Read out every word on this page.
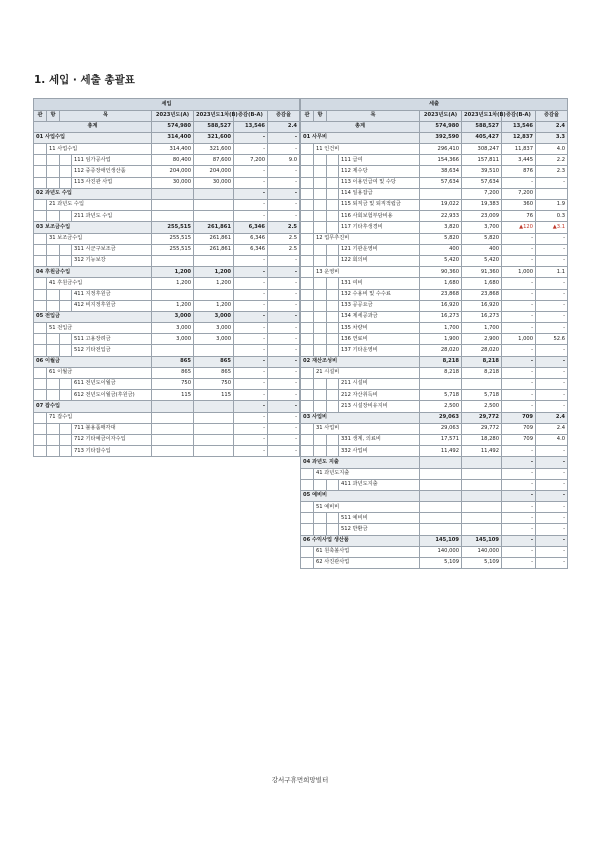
1. 세입 · 세출 총괄표
세입							
관	항	목		2023년도(A)	2023년도1차(B)	증감(B-A)	증감율
총계				574,980	588,527	13,546	2.4
01 사업수입				314,400	321,600	-	-
	11 사업수입			314,400	321,600	-	-
			111 임가공사업	80,400	87,600	7,200	9.0
			112 중증장애인생산품	204,000	204,000	-	-
			113 사진관 사업	30,000	30,000	-	-
02 과년도 수입						-	-
	21 과년도 수입					-	-
			211 과년도 수입			-	-
03 보조금수입				255,515	261,861	6,346	2.5
	31 보조금수입			255,515	261,861	6,346	2.5
			311 시군구보조금	255,515	261,861	6,346	2.5
			312 기능보강			-	-
04 후원금수입				1,200	1,200	-	-
	41 후원금수입			1,200	1,200	-	-
			411 지정후원금			-	-
			412 비지정후원금	1,200	1,200	-	-
05 전입금				3,000	3,000	-	-
	51 전입금			3,000	3,000	-	-
			511 고용장려금	3,000	3,000	-	-
			512 기타전입금			-	-
06 이월금				865	865	-	-
	61 이월금			865	865	-	-
			611 전년도이월금	750	750	-	-
			612 전년도이월금(후원금)	115	115	-	-
07 잡수입						-	-
	71 잡수입					-	-
			711 불용품매각대			-	-
			712 기타예금이자수입			-	-
			713 기타잡수입			-	-
세출							
관	항	목		2023년도(A)	2023년도1차(B)	증감(B-A)	증감율
총계				574,980	588,527	13,546	2.4
01 사무비				392,590	405,427	12,837	3.3
	11 인건비			296,410	308,247	11,837	4.0
			111 급여	154,366	157,811	3,445	2.2
			112 제수당	38,634	39,510	876	2.3
			113 이용인급여 및 수당	57,634	57,634	-	-
			114 일용잡급		7,200	7,200	
			115 퇴직금 및 퇴직적립금	19,022	19,383	360	1.9
			116 사회보험부담비용	22,933	23,009	76	0.3
			117 기타후생경비	3,820	3,700	▲120	▲3.1
	12 업무추진비			5,820	5,820	-	-
			121 기관운영비	400	400	-	-
			122 회의비	5,420	5,420	-	-
	13 운영비			90,360	91,360	1,000	1.1
			131 여비	1,680	1,680	-	-
			132 수용비 및 수수료	23,868	23,868	-	-
			133 공공요금	16,920	16,920	-	-
			134 제세공과금	16,273	16,273	-	-
			135 차량비	1,700	1,700	-	-
			136 연료비	1,900	2,900	1,000	52.6
			137 기타운영비	28,020	28,020	-	-
02 재산조성비				8,218	8,218	-	-
	21 시설비			8,218	8,218	-	-
			211 시설비			-	-
			212 자산취득비	5,718	5,718	-	-
			213 시설장비유지비	2,500	2,500	-	-
03 사업비				29,063	29,772	709	2.4
	31 사업비			29,063	29,772	709	2.4
			331 생계, 의료비	17,571	18,280	709	4.0
			332 사업비	11,492	11,492	-	-
04 과년도 지출						-	-
	41 과년도지출					-	-
			411 과년도지출			-	-
05 예비비						-	-
	51 예비비					-	-
			511 예비비			-	-
			512 반환금			-	-
06 수익사업 생산품				145,109	145,109	-	-
	61 원축볼사업			140,000	140,000	-	-
	62 사진관사업			5,109	5,109	-	-
강서구휴먼희망빌터
